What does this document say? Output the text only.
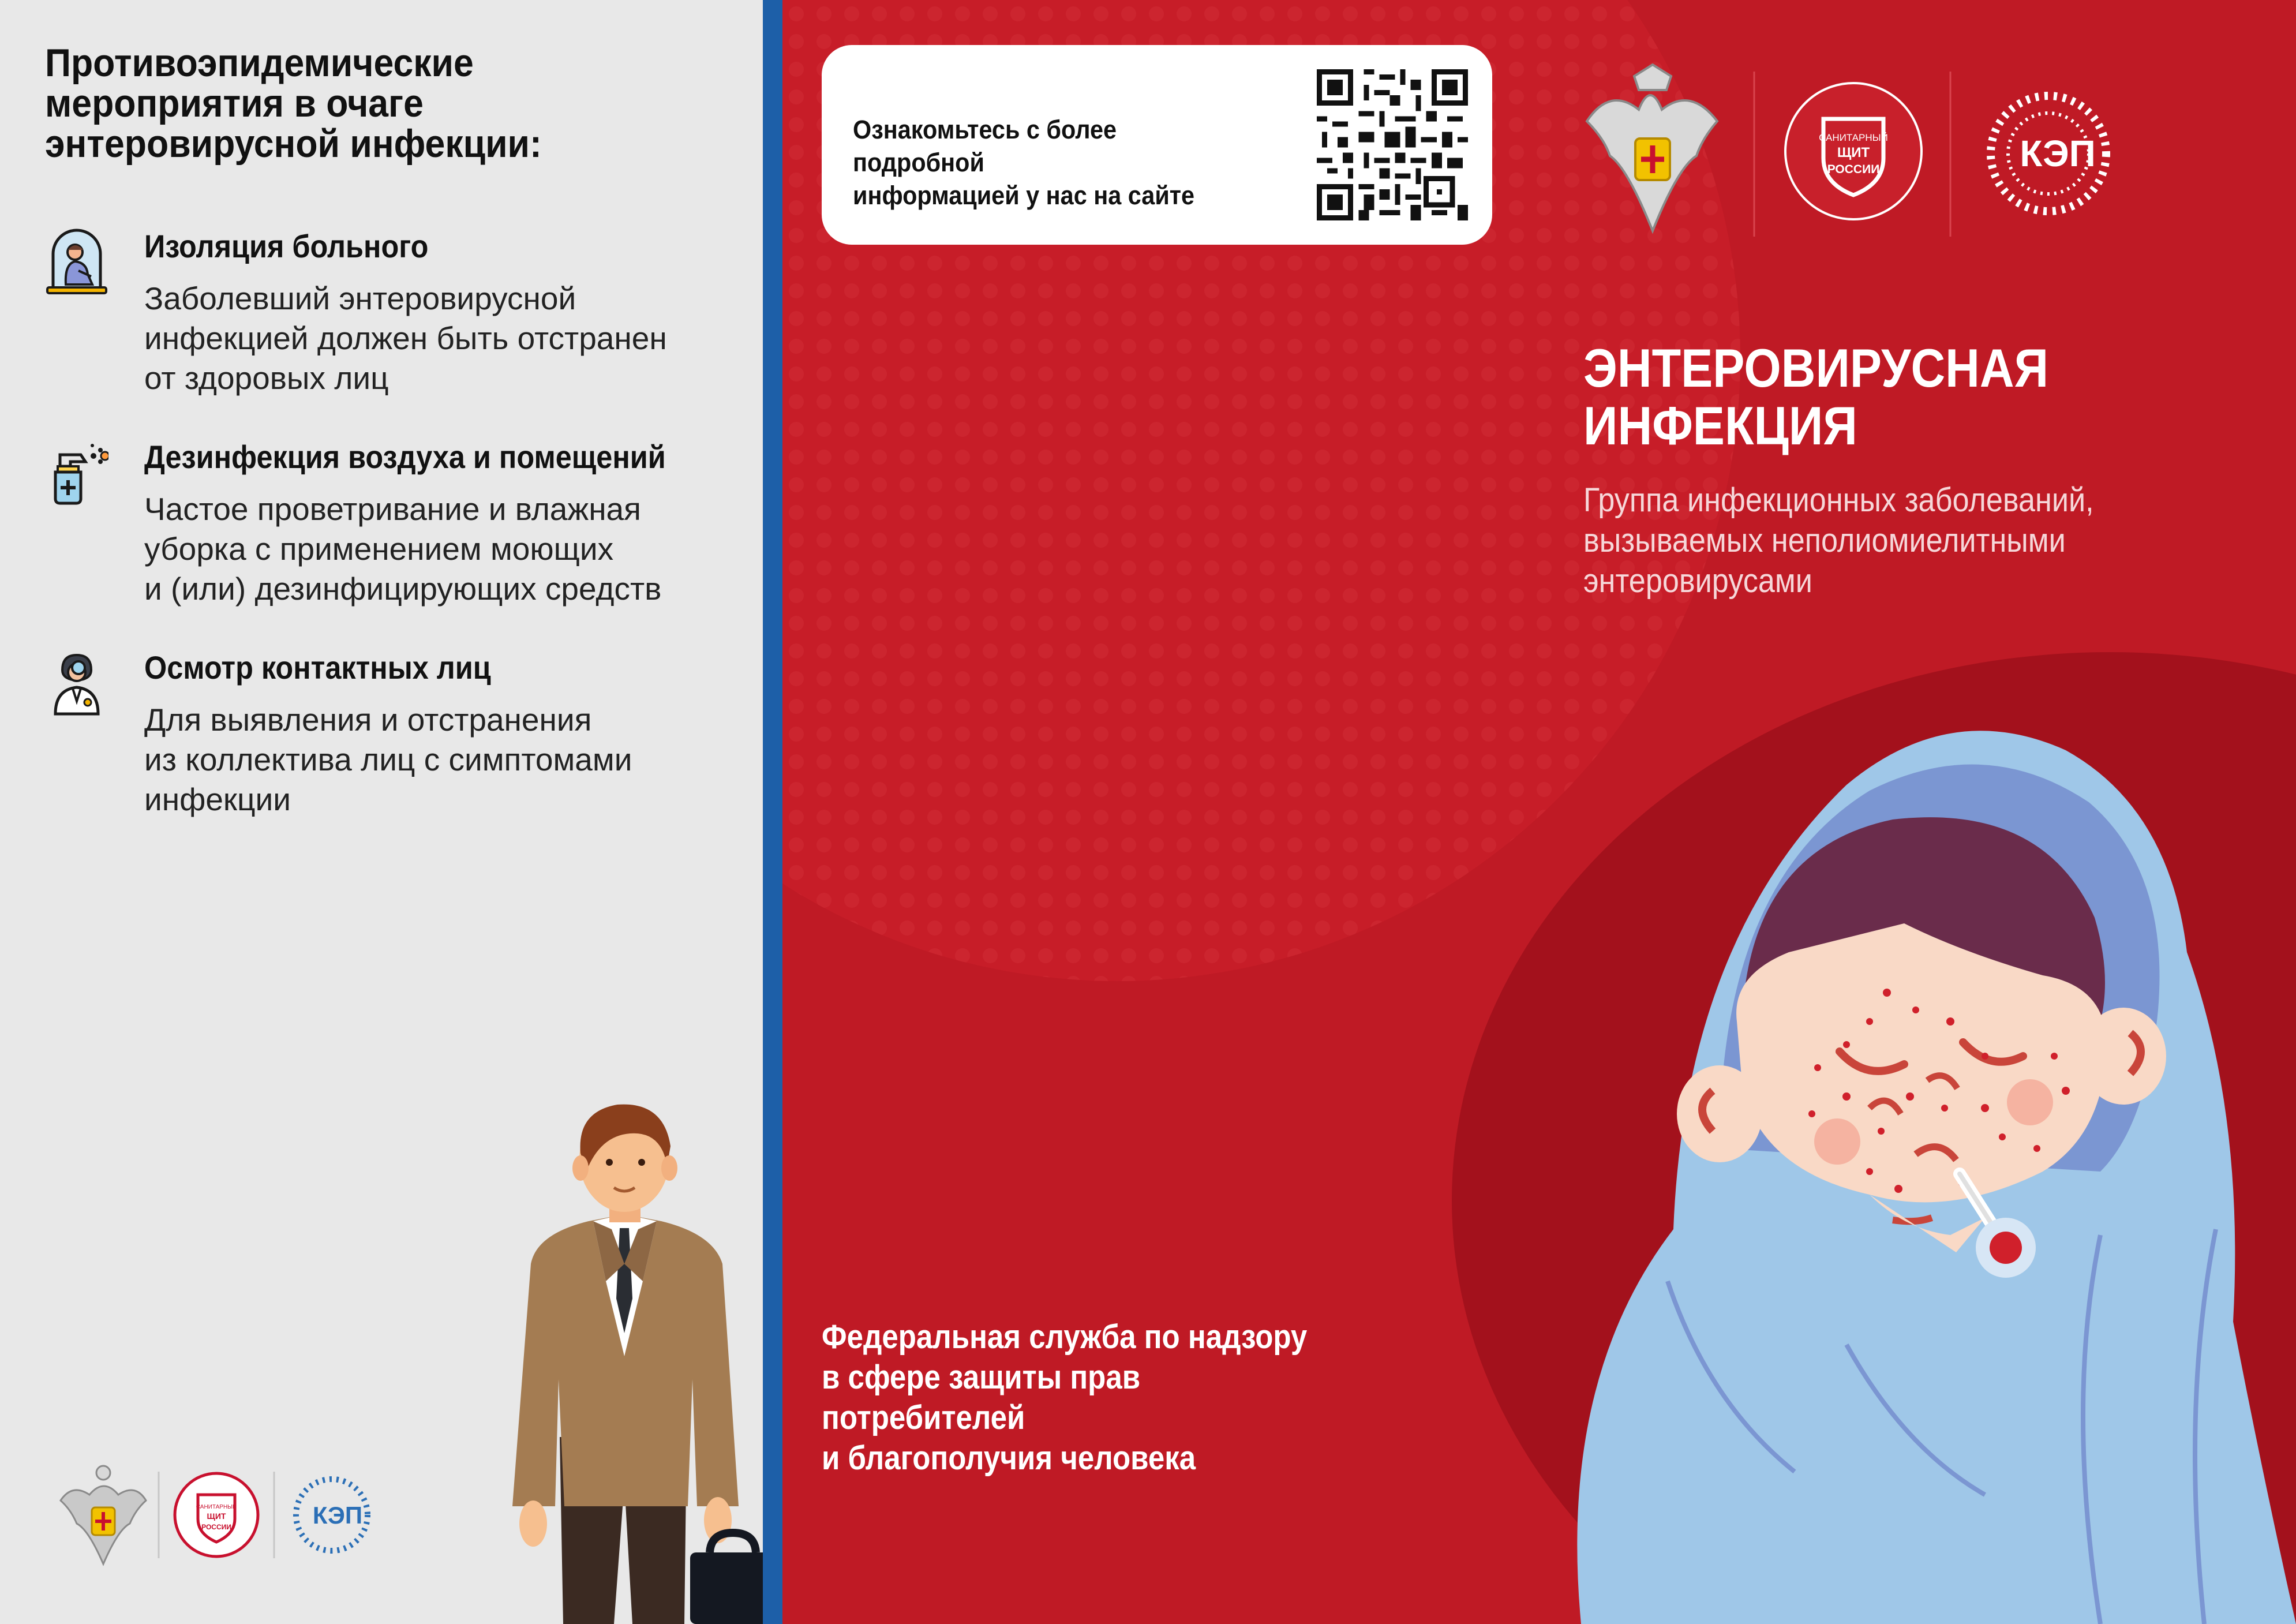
Противоэпидемические
мероприятия в очаге
энтеровирусной инфекции:
Изоляция больного
Заболевший энтеровирусной
инфекцией должен быть отстранен
от здоровых лиц
Дезинфекция воздуха и помещений
Частое проветривание и влажная
уборка с применением моющих
и (или) дезинфицирующих средств
Осмотр контактных лиц
Для выявления и отстранения
из коллектива лиц с симптомами
инфекции
САНИТАРНЫЙ
ЩИТ
РОССИИ	КЭП
Ознакомьтесь с более подробной
информацией у нас на сайте
САНИТАРНЫЙ
ЩИТ
РОССИИ	КЭП
ЭНТЕРОВИРУСНАЯ
ИНФЕКЦИЯ
Группа инфекционных заболеваний,
вызываемых неполиомиелитными
энтеровирусами
Федеральная служба по надзору
в сфере защиты прав потребителей
и благополучия человека
